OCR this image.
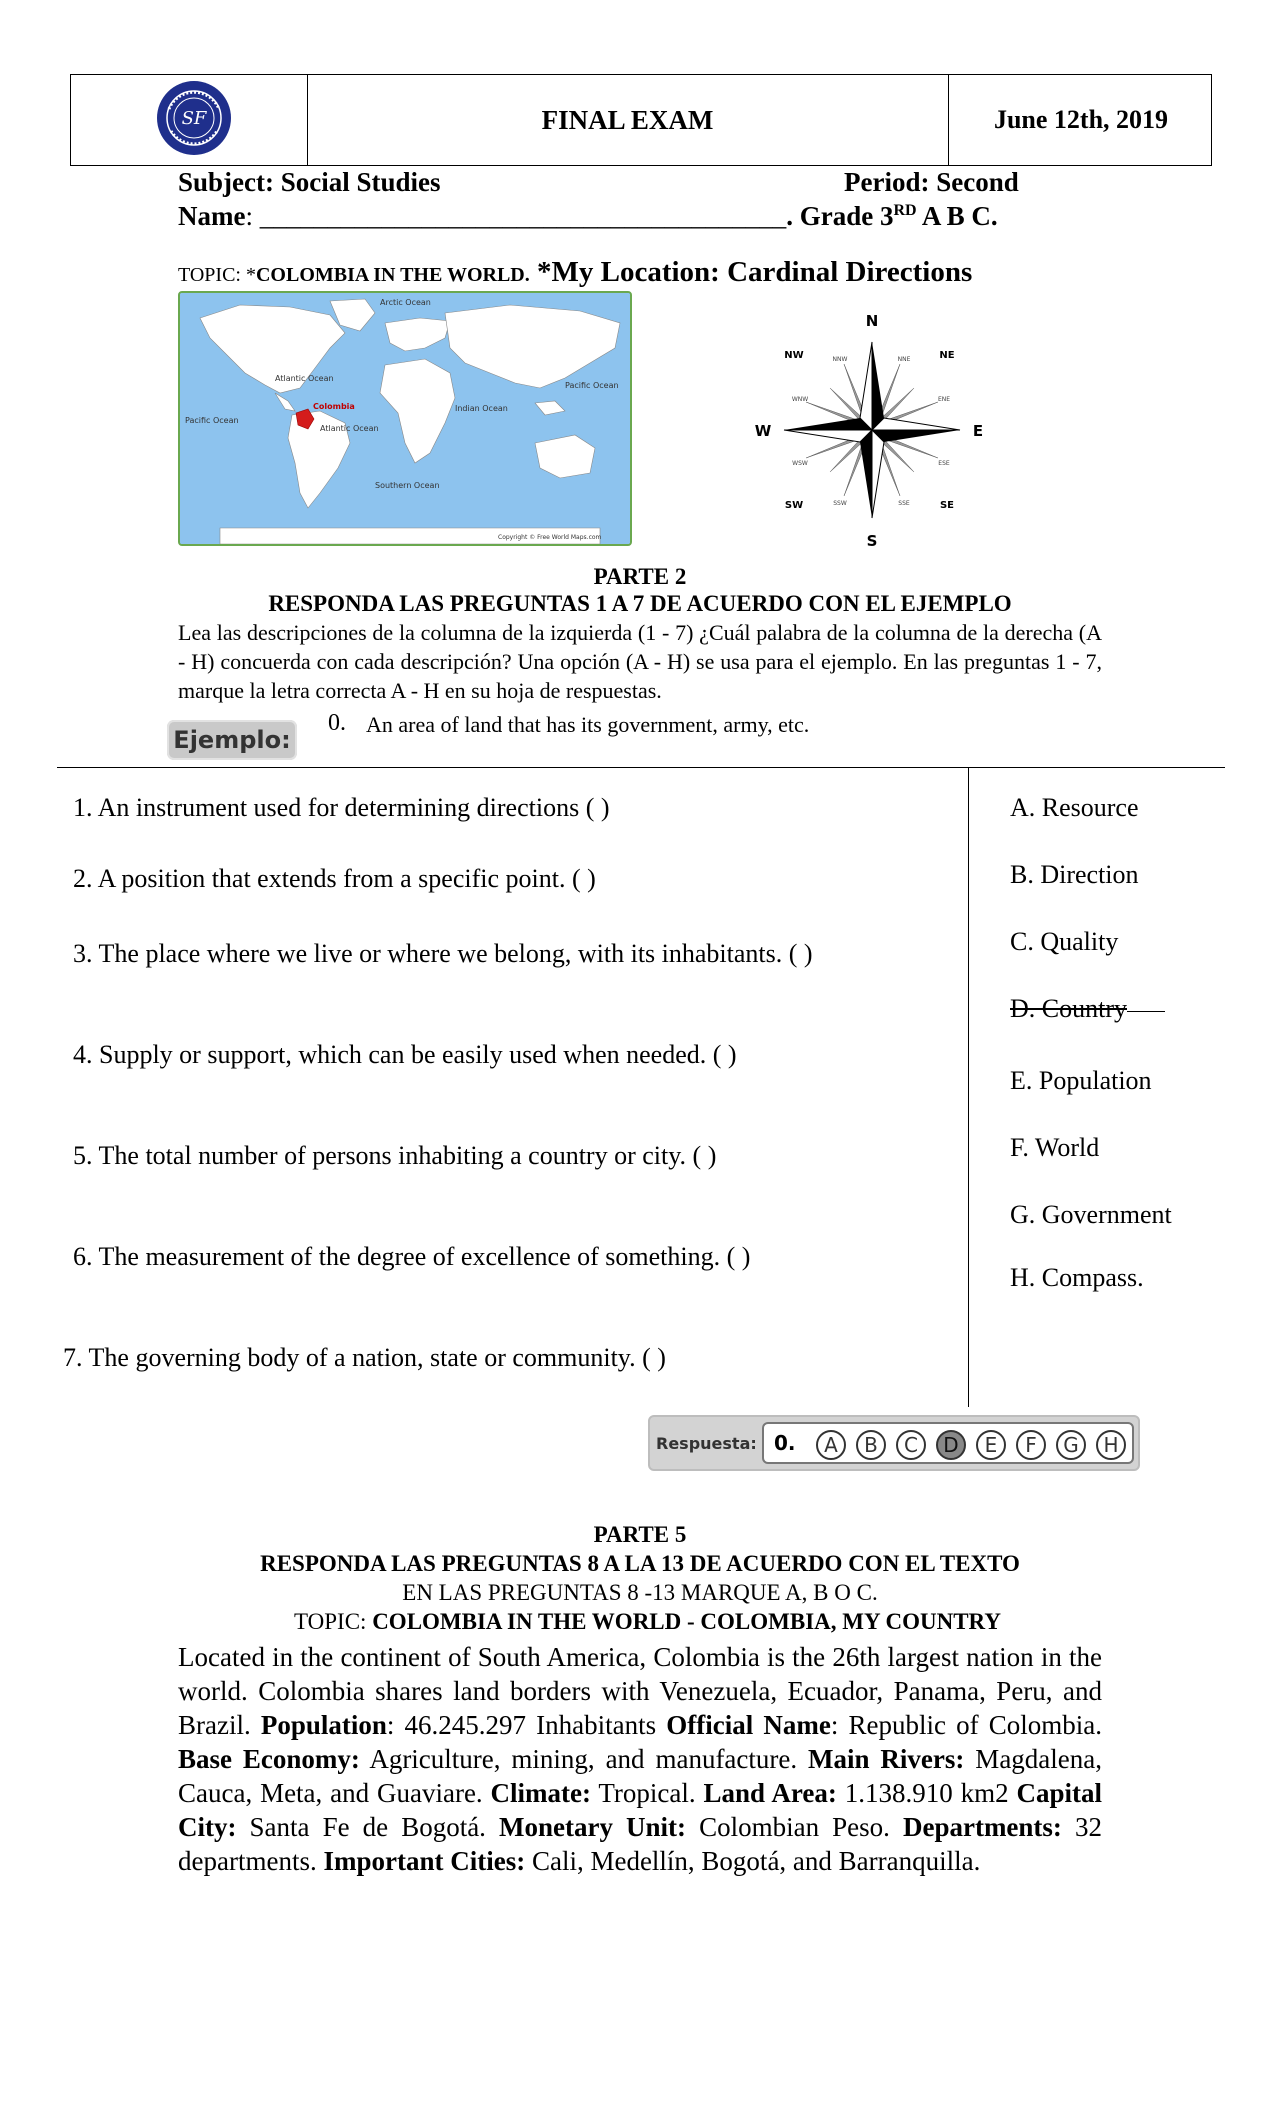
SF	FINAL EXAM	June 12th, 2019
Subject: Social Studies	Period: Second
Name: _______________________________________. Grade 3RD A B C.
TOPIC: *COLOMBIA IN THE WORLD. *My Location: Cardinal Directions
Arctic Ocean
Atlantic Ocean
Pacific Ocean
Colombia
Pacific Ocean
Atlantic Ocean
Indian Ocean
Southern Ocean
Copyright © Free World Maps.com
N
S
E
W
NE
NW
SE
SW
NNE
NNW
ENE
WNW
ESE
WSW
SSE
SSW
PARTE 2
RESPONDA LAS PREGUNTAS 1 A 7 DE ACUERDO CON EL EJEMPLO
Lea las descripciones de la columna de la izquierda (1 - 7) ¿Cuál palabra de la columna de la derecha (A - H) concuerda con cada descripción? Una opción (A - H) se usa para el ejemplo. En las preguntas 1 - 7, marque la letra correcta A - H en su hoja de respuestas.
Ejemplo:
0. An area of land that has its government, army, etc.
1. An instrument used for determining directions ( )
2. A position that extends from a specific point. ( )
3. The place where we live or where we belong, with its inhabitants. ( )
4. Supply or support, which can be easily used when needed. ( )
5. The total number of persons inhabiting a country or city. ( )
6. The measurement of the degree of excellence of something. ( )
7. The governing body of a nation, state or community. ( )
A. Resource
B. Direction
C. Quality
D. Country
E. Population
F. World
G. Government
H. Compass.
Respuesta: 0.	A	B	C	D	E	F	G	H
PARTE 5
RESPONDA LAS PREGUNTAS 8 A LA 13 DE ACUERDO CON EL TEXTO
EN LAS PREGUNTAS 8 -13 MARQUE A, B O C.
TOPIC: COLOMBIA IN THE WORLD - COLOMBIA, MY COUNTRY
Located in the continent of South America, Colombia is the 26th largest nation in the world. Colombia shares land borders with Venezuela, Ecuador, Panama, Peru, and Brazil. Population: 46.245.297 Inhabitants Official Name: Republic of Colombia. Base Economy: Agriculture, mining, and manufacture. Main Rivers: Magdalena, Cauca, Meta, and Guaviare. Climate: Tropical. Land Area: 1.138.910 km2 Capital City: Santa Fe de Bogotá. Monetary Unit: Colombian Peso. Departments: 32 departments. Important Cities: Cali, Medellín, Bogotá, and Barranquilla.
